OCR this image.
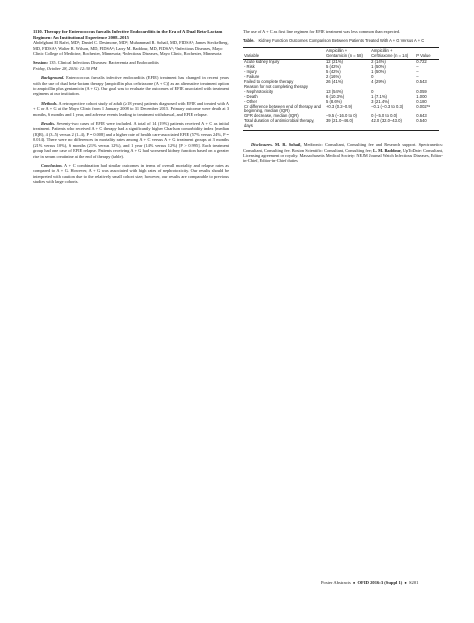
1110. Therapy for Enterococcus faecalis Infective Endocarditis in the Era of A Dual Beta-Lactam Regimen: An Institutional Experience 2008–2015

Abdelghani El Rafei, MD¹; Daniel C. Desimone, MD²; Muhammad R. Sohail, MD, FIDSA³; James Steckelberg, MD, FIDSA²; Walter R. Wilson, MD, FIDSA⁴; Larry M. Baddour, MD, FIDSA⁵; ¹Infectious Diseases, Mayo Clinic College of Medicine, Rochester, Minnesota; ²Infectious Diseases, Mayo Clinic, Rochester, Minnesota

Session: 135. Clinical Infectious Diseases: Bacteremia and Endocarditis
Friday, October 28, 2016: 12:30 PM

Background. Enterococcus faecalis infective endocarditis (EFIE) treatment has changed in recent years with the use of dual beta-lactam therapy [ampicillin plus ceftriaxone (A + C)] as an alternative treatment option to ampicillin plus gentamicin (A + G). Our goal was to evaluate the outcomes of EFIE associated with treatment regimens at our institution.

Methods. A retrospective cohort study of adult (≥18 years) patients diagnosed with EFIE and treated with A + C or A + G at the Mayo Clinic from 1 January 2008 to 31 December 2015. Primary outcome were death at 3 months, 6 months and 1 year, and adverse events leading to treatment withdrawal, and EFIE relapse.

Results. Seventy-two cases of EFIE were included. A total of 14 (19%) patients received A + C as initial treatment. Patients who received A + C therapy had a significantly higher Charlson comorbidity index [median (IQR), 4 (3–5) versus 2 (1–4), P = 0.008] and a higher rate of health care-associated EFIE (57% versus 24%, P = 0.014). There were no differences in mortality rates among A + C versus A + G treatment groups at 3 months (21% versus 10%), 6 months (21% versus 12%), and 1 year (14% versus 12%) [P > 0.995]. Each treatment group had one case of EFIE relapse. Patients receiving A + G had worsened kidney function based on a greater rise in serum creatinine at the end of therapy (table).

Conclusion. A + C combination had similar outcomes in terms of overall mortality and relapse rates as compared to A + G. However, A + G was associated with high rates of nephrotoxicity. Our results should be interpreted with caution due to the relatively small cohort size; however, our results are comparable to previous studies with large cohorts.

The use of A + C as first line regimen for EFIE treatment was less common than expected.

Table. Kidney Function Outcomes Comparison Between Patients Treated With A + G Versus A + C

Variable	Ampicillin + Gentamicin (n = 58)	Ampicillin + Ceftriaxone (n = 14)	P Value
Acute kidney Injury	12 (21%)	2 (14%)	0.722
- Risk	5 (42%)	1 (50%)	–
- Injury	5 (42%)	1 (50%)	–
- Failure	2 (16%)	0	–
Failed to complete therapy	26 (41%)	4 (29%)	0.543
Reason for not completing therapy			
- Nephrotoxicity	13 (54%)	0	0.059
- Death	6 (10.3%)	1 (7.1%)	1.000
- Other	5 (8.6%)	3 (21.4%)	0.180
Cr difference between end of therapy and beginning, median (IQR)	+0.3 (0.2–0.9)	−0.1 (−0.3 to 0.3)	0.002*ª
GFR decrease, median (IQR)	−9.5 (−16.0 to 0)	0 (−5.0 to 0.0)	0.643
Total duration of antimicrobial therapy, days	39 (21.0–46.0)	42.0 (32.0–43.0)	0.540

Disclosures. M. R. Sohail, Medtronic: Consultant, Consulting fee and Research support. Spectranetics: Consultant, Consulting fee. Boston Scientific: Consultant, Consulting fee; L. M. Baddour, UpToDate: Consultant, Licensing agreement or royalty. Massachusetts Medical Society: NEJM Journal Watch Infectious Diseases, Editor-in-Chief, Editor-in-Chief duties

Poster Abstracts ● OFID 2016:3 (Suppl 1) ● S201
